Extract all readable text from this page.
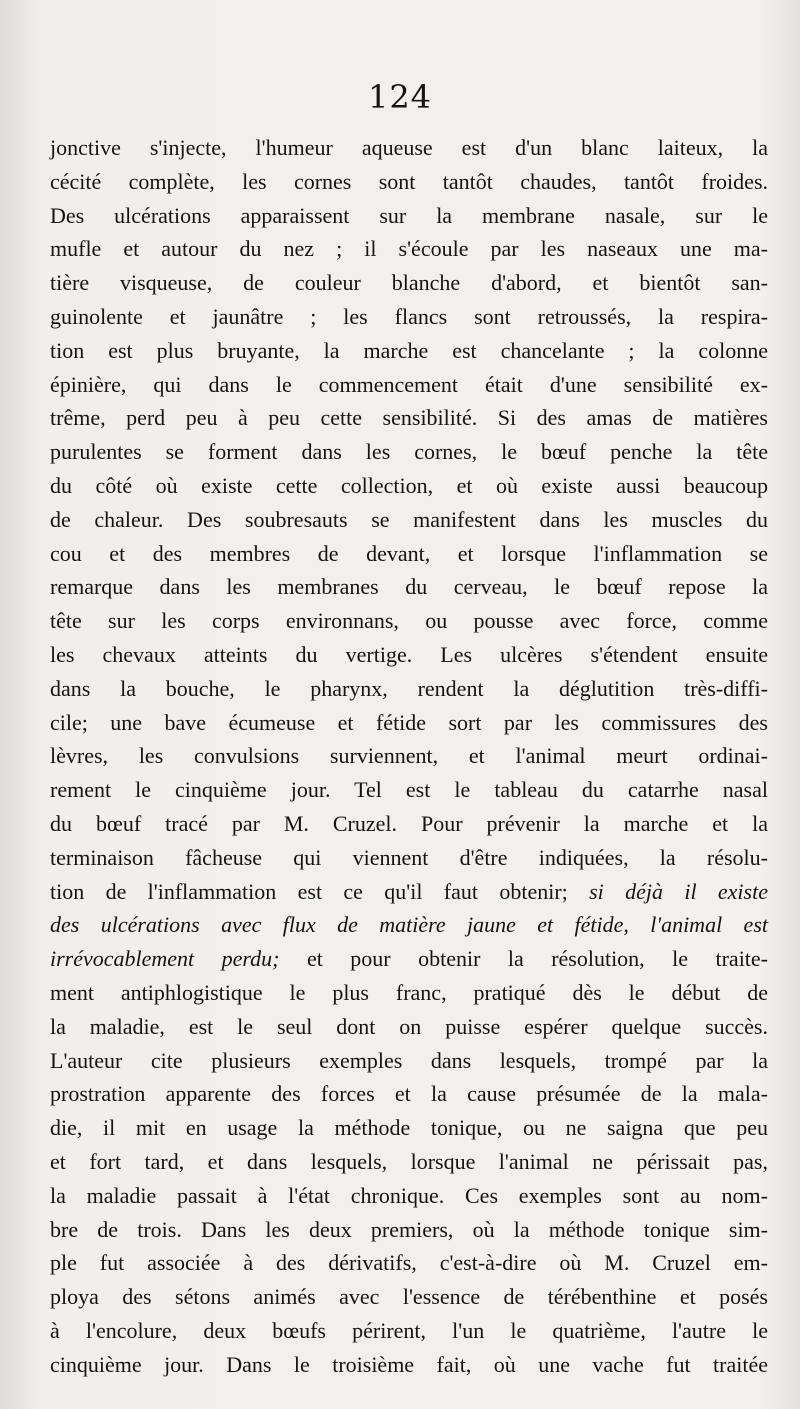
124
jonctive s'injecte, l'humeur aqueuse est d'un blanc laiteux, la
cécité complète, les cornes sont tantôt chaudes, tantôt froides.
Des ulcérations apparaissent sur la membrane nasale, sur le
mufle et autour du nez ; il s'écoule par les naseaux une ma-
tière visqueuse, de couleur blanche d'abord, et bientôt san-
guinolente et jaunâtre ; les flancs sont retroussés, la respira-
tion est plus bruyante, la marche est chancelante ; la colonne
épinière, qui dans le commencement était d'une sensibilité ex-
trême, perd peu à peu cette sensibilité. Si des amas de matières
purulentes se forment dans les cornes, le bœuf penche la tête
du côté où existe cette collection, et où existe aussi beaucoup
de chaleur. Des soubresauts se manifestent dans les muscles du
cou et des membres de devant, et lorsque l'inflammation se
remarque dans les membranes du cerveau, le bœuf repose la
tête sur les corps environnans, ou pousse avec force, comme
les chevaux atteints du vertige. Les ulcères s'étendent ensuite
dans la bouche, le pharynx, rendent la déglutition très-diffi-
cile; une bave écumeuse et fétide sort par les commissures des
lèvres, les convulsions surviennent, et l'animal meurt ordinai-
rement le cinquième jour. Tel est le tableau du catarrhe nasal
du bœuf tracé par M. Cruzel. Pour prévenir la marche et la
terminaison fâcheuse qui viennent d'être indiquées, la résolu-
tion de l'inflammation est ce qu'il faut obtenir; si déjà il existe
des ulcérations avec flux de matière jaune et fétide, l'animal est
irrévocablement perdu; et pour obtenir la résolution, le traite-
ment antiphlogistique le plus franc, pratiqué dès le début de
la maladie, est le seul dont on puisse espérer quelque succès.
L'auteur cite plusieurs exemples dans lesquels, trompé par la
prostration apparente des forces et la cause présumée de la mala-
die, il mit en usage la méthode tonique, ou ne saigna que peu
et fort tard, et dans lesquels, lorsque l'animal ne périssait pas,
la maladie passait à l'état chronique. Ces exemples sont au nom-
bre de trois. Dans les deux premiers, où la méthode tonique sim-
ple fut associée à des dérivatifs, c'est-à-dire où M. Cruzel em-
ploya des sétons animés avec l'essence de térébenthine et posés
à l'encolure, deux bœufs périrent, l'un le quatrième, l'autre le
cinquième jour. Dans le troisième fait, où une vache fut traitée
